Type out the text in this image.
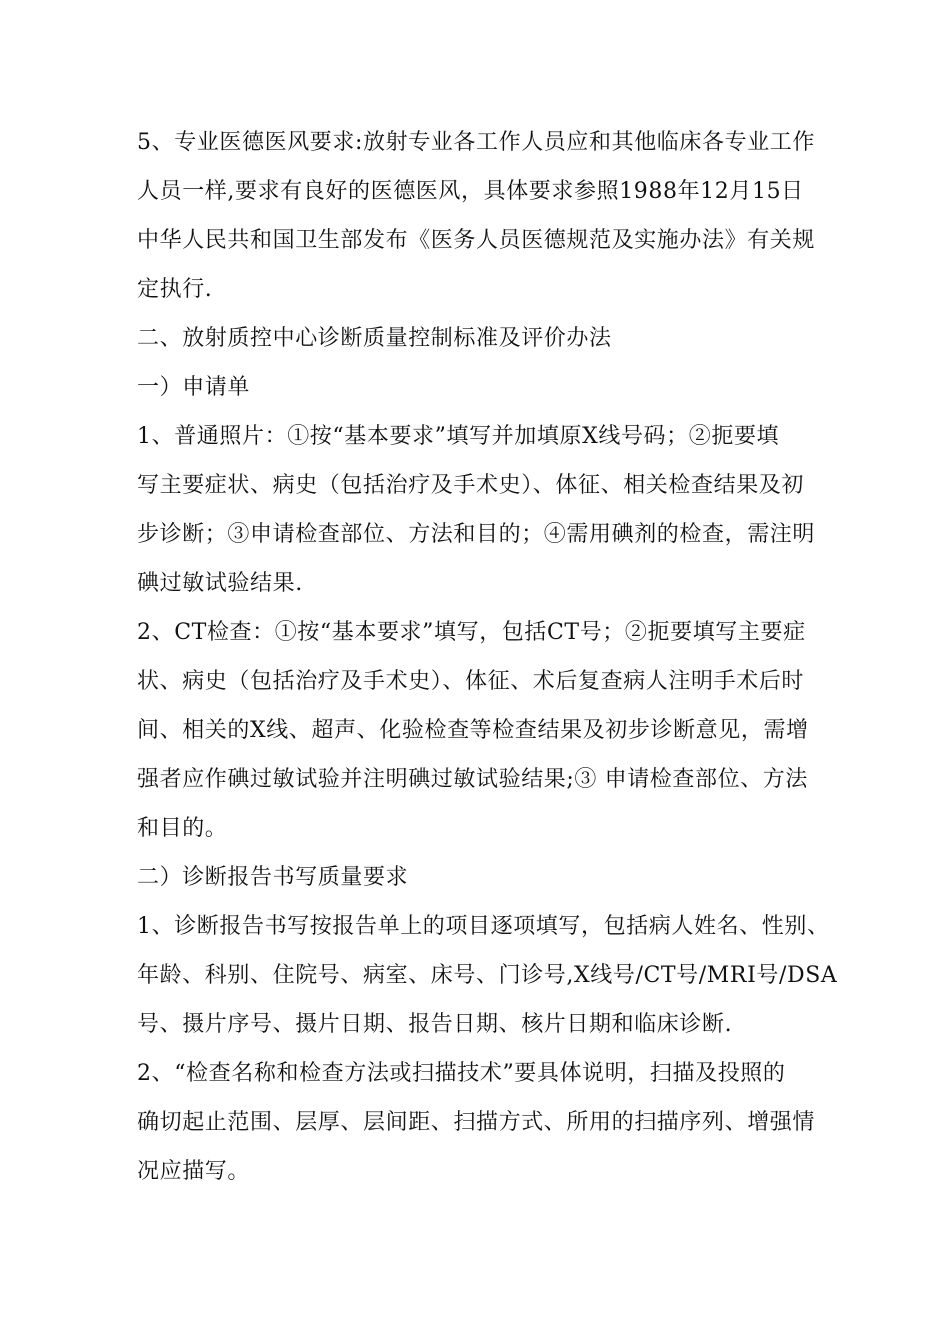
5、专业医德医风要求:放射专业各工作人员应和其他临床各专业工作
人员一样,要求有良好的医德医风，具体要求参照1988年12月15日
中华人民共和国卫生部发布《医务人员医德规范及实施办法》有关规
定执行.
二、放射质控中心诊断质量控制标准及评价办法
一）申请单
1、普通照片：①按“基本要求”填写并加填原X线号码；②扼要填
写主要症状、病史（包括治疗及手术史）、体征、相关检查结果及初
步诊断；③申请检查部位、方法和目的；④需用碘剂的检查，需注明
碘过敏试验结果.
2、CT检查：①按“基本要求”填写，包括CT号；②扼要填写主要症
状、病史（包括治疗及手术史）、体征、术后复查病人注明手术后时
间、相关的X线、超声、化验检查等检查结果及初步诊断意见，需增
强者应作碘过敏试验并注明碘过敏试验结果;③ 申请检查部位、方法
和目的。
二）诊断报告书写质量要求
1、诊断报告书写按报告单上的项目逐项填写，包括病人姓名、性别、
年龄、科别、住院号、病室、床号、门诊号,X线号/CT号/MRI号/DSA
号、摄片序号、摄片日期、报告日期、核片日期和临床诊断.
2、“检查名称和检查方法或扫描技术”要具体说明，扫描及投照的
确切起止范围、层厚、层间距、扫描方式、所用的扫描序列、增强情
况应描写。
